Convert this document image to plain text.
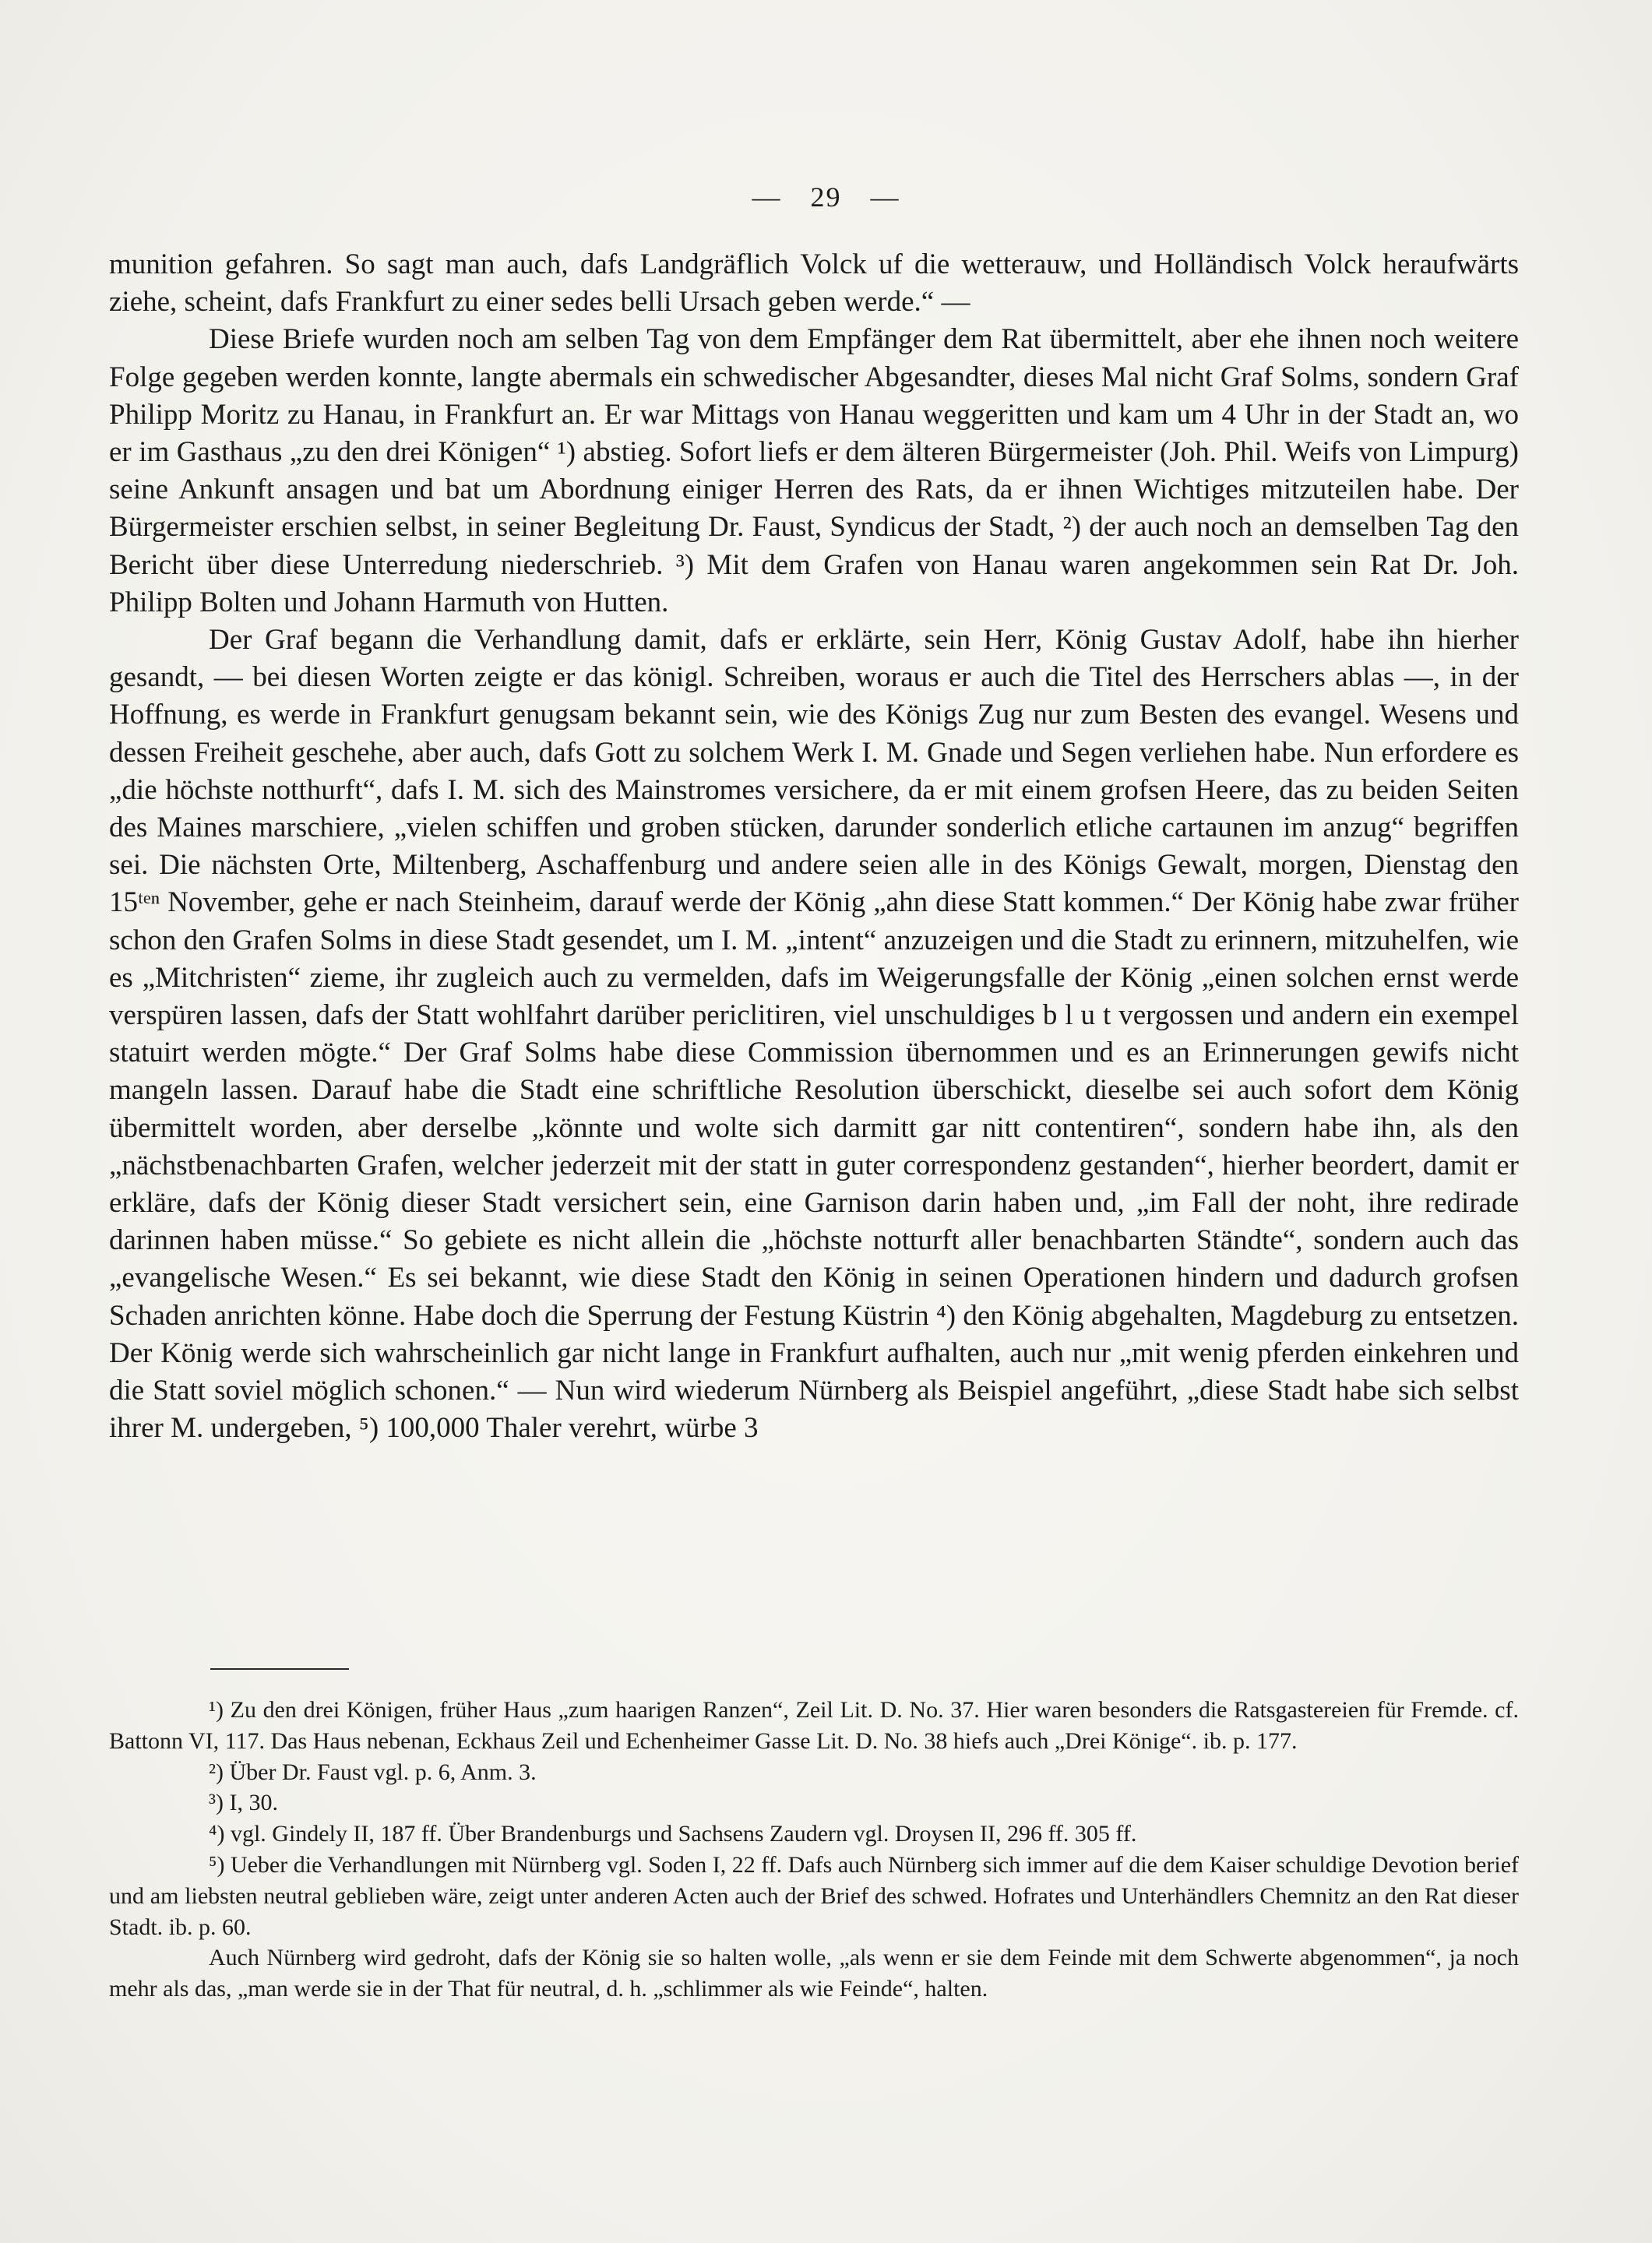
— 29 —

munition gefahren. So sagt man auch, dafs Landgräflich Volck uf die wetterauw, und Holländisch Volck heraufwärts ziehe, scheint, dafs Frankfurt zu einer sedes belli Ursach geben werde.“ —

Diese Briefe wurden noch am selben Tag von dem Empfänger dem Rat übermittelt, aber ehe ihnen noch weitere Folge gegeben werden konnte, langte abermals ein schwedischer Abgesandter, dieses Mal nicht Graf Solms, sondern Graf Philipp Moritz zu Hanau, in Frankfurt an. Er war Mittags von Hanau weggeritten und kam um 4 Uhr in der Stadt an, wo er im Gasthaus „zu den drei Königen“ ¹) abstieg. Sofort liefs er dem älteren Bürgermeister (Joh. Phil. Weifs von Limpurg) seine Ankunft ansagen und bat um Abordnung einiger Herren des Rats, da er ihnen Wichtiges mitzuteilen habe. Der Bürgermeister erschien selbst, in seiner Begleitung Dr. Faust, Syndicus der Stadt, ²) der auch noch an demselben Tag den Bericht über diese Unterredung niederschrieb. ³) Mit dem Grafen von Hanau waren angekommen sein Rat Dr. Joh. Philipp Bolten und Johann Harmuth von Hutten.

Der Graf begann die Verhandlung damit, dafs er erklärte, sein Herr, König Gustav Adolf, habe ihn hierher gesandt, — bei diesen Worten zeigte er das königl. Schreiben, woraus er auch die Titel des Herrschers ablas —, in der Hoffnung, es werde in Frankfurt genugsam bekannt sein, wie des Königs Zug nur zum Besten des evangel. Wesens und dessen Freiheit geschehe, aber auch, dafs Gott zu solchem Werk I. M. Gnade und Segen verliehen habe. Nun erfordere es „die höchste notthurft“, dafs I. M. sich des Mainstromes versichere, da er mit einem grofsen Heere, das zu beiden Seiten des Maines marschiere, „vielen schiffen und groben stücken, darunder sonderlich etliche cartaunen im anzug“ begriffen sei. Die nächsten Orte, Miltenberg, Aschaffenburg und andere seien alle in des Königs Gewalt, morgen, Dienstag den 15ᵗᵉⁿ November, gehe er nach Steinheim, darauf werde der König „ahn diese Statt kommen.“ Der König habe zwar früher schon den Grafen Solms in diese Stadt gesendet, um I. M. „intent“ anzuzeigen und die Stadt zu erinnern, mitzuhelfen, wie es „Mitchristen“ zieme, ihr zugleich auch zu vermelden, dafs im Weigerungsfalle der König „einen solchen ernst werde verspüren lassen, dafs der Statt wohlfahrt darüber periclitiren, viel unschuldiges b l u t vergossen und andern ein exempel statuirt werden mögte.“ Der Graf Solms habe diese Commission übernommen und es an Erinnerungen gewifs nicht mangeln lassen. Darauf habe die Stadt eine schriftliche Resolution überschickt, dieselbe sei auch sofort dem König übermittelt worden, aber derselbe „könnte und wolte sich darmitt gar nitt contentiren“, sondern habe ihn, als den „nächstbenachbarten Grafen, welcher jederzeit mit der statt in guter correspondenz gestanden“, hierher beordert, damit er erkläre, dafs der König dieser Stadt versichert sein, eine Garnison darin haben und, „im Fall der noht, ihre redirade darinnen haben müsse.“ So gebiete es nicht allein die „höchste notturft aller benachbarten Ständte“, sondern auch das „evangelische Wesen.“ Es sei bekannt, wie diese Stadt den König in seinen Operationen hindern und dadurch grofsen Schaden anrichten könne. Habe doch die Sperrung der Festung Küstrin ⁴) den König abgehalten, Magdeburg zu entsetzen. Der König werde sich wahrscheinlich gar nicht lange in Frankfurt aufhalten, auch nur „mit wenig pferden einkehren und die Statt soviel möglich schonen.“ — Nun wird wiederum Nürnberg als Beispiel angeführt, „diese Stadt habe sich selbst ihrer M. undergeben, ⁵) 100,000 Thaler verehrt, würbe 3

¹) Zu den drei Königen, früher Haus „zum haarigen Ranzen“, Zeil Lit. D. No. 37. Hier waren besonders die Ratsgastereien für Fremde. cf. Battonn VI, 117. Das Haus nebenan, Eckhaus Zeil und Echenheimer Gasse Lit. D. No. 38 hiefs auch „Drei Könige“. ib. p. 177.

²) Über Dr. Faust vgl. p. 6, Anm. 3.

³) I, 30.

⁴) vgl. Gindely II, 187 ff. Über Brandenburgs und Sachsens Zaudern vgl. Droysen II, 296 ff. 305 ff.

⁵) Ueber die Verhandlungen mit Nürnberg vgl. Soden I, 22 ff. Dafs auch Nürnberg sich immer auf die dem Kaiser schuldige Devotion berief und am liebsten neutral geblieben wäre, zeigt unter anderen Acten auch der Brief des schwed. Hofrates und Unterhändlers Chemnitz an den Rat dieser Stadt. ib. p. 60.

Auch Nürnberg wird gedroht, dafs der König sie so halten wolle, „als wenn er sie dem Feinde mit dem Schwerte abgenommen“, ja noch mehr als das, „man werde sie in der That für neutral, d. h. „schlimmer als wie Feinde“, halten.
